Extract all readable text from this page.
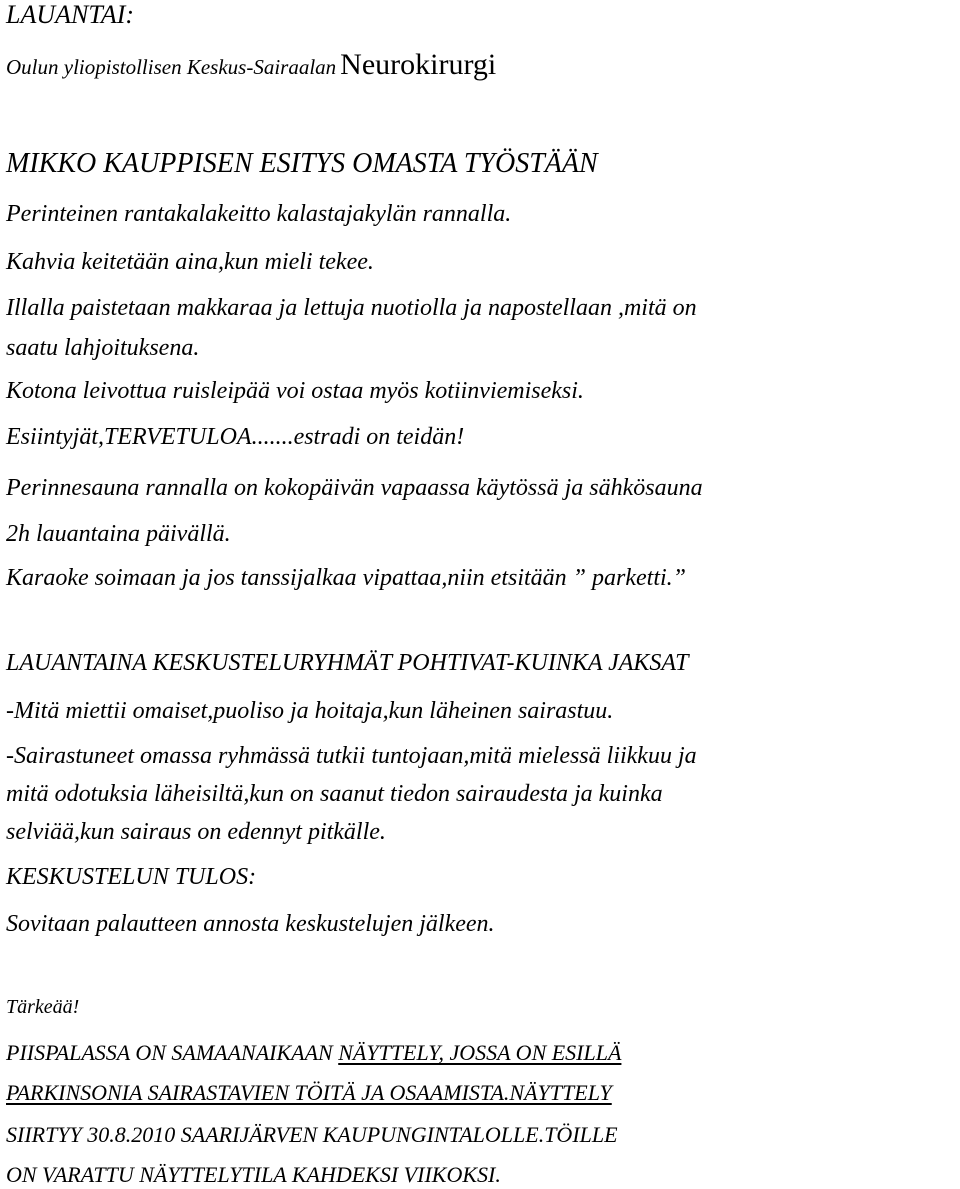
LAUANTAI:
Oulun yliopistollisen Keskus-Sairaalan Neurokirurgi
MIKKO KAUPPISEN ESITYS OMASTA TYÖSTÄÄN
Perinteinen rantakalakeitto kalastajakylän rannalla.
Kahvia keitetään aina,kun mieli tekee.
Illalla paistetaan makkaraa ja lettuja nuotiolla ja napostellaan ,mitä on
saatu lahjoituksena.
Kotona leivottua ruisleipää voi ostaa myös kotiinviemiseksi.
Esiintyjät,TERVETULOA.......estradi on teidän!
Perinnesauna rannalla on kokopäivän vapaassa käytössä ja sähkösauna
2h lauantaina päivällä.
Karaoke soimaan ja jos tanssijalkaa vipattaa,niin etsitään ” parketti.”
LAUANTAINA KESKUSTELURYHMÄT POHTIVAT-KUINKA JAKSAT
-Mitä miettii omaiset,puoliso ja hoitaja,kun läheinen sairastuu.
-Sairastuneet omassa ryhmässä tutkii tuntojaan,mitä mielessä liikkuu ja
mitä odotuksia läheisiltä,kun on saanut tiedon sairaudesta ja kuinka
selviää,kun sairaus on edennyt pitkälle.
KESKUSTELUN TULOS:
Sovitaan palautteen annosta keskustelujen jälkeen.
Tärkeää!
PIISPALASSA ON SAMAANAIKAAN NÄYTTELY, JOSSA ON ESILLÄ
PARKINSONIA SAIRASTAVIEN TÖITÄ JA OSAAMISTA.NÄYTTELY
SIIRTYY 30.8.2010 SAARIJÄRVEN KAUPUNGINTALOLLE.TÖILLE
ON VARATTU NÄYTTELYTILA KAHDEKSI VIIKOKSI.
